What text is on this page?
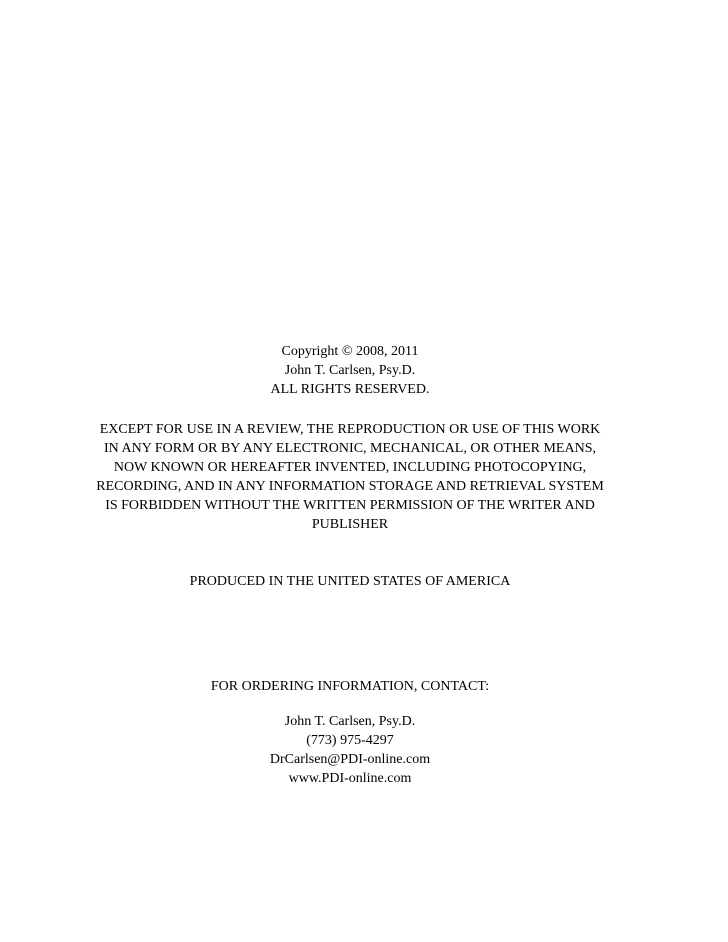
Copyright © 2008, 2011
John T. Carlsen, Psy.D.
ALL RIGHTS RESERVED.
EXCEPT FOR USE IN A REVIEW, THE REPRODUCTION OR USE OF THIS WORK
IN ANY FORM OR BY ANY ELECTRONIC, MECHANICAL, OR OTHER MEANS,
NOW KNOWN OR HEREAFTER INVENTED, INCLUDING PHOTOCOPYING,
RECORDING, AND IN ANY INFORMATION STORAGE AND RETRIEVAL SYSTEM
IS FORBIDDEN WITHOUT THE WRITTEN PERMISSION OF THE WRITER AND
PUBLISHER
PRODUCED IN THE UNITED STATES OF AMERICA
FOR ORDERING INFORMATION, CONTACT:
John T. Carlsen, Psy.D.
(773) 975-4297
DrCarlsen@PDI-online.com
www.PDI-online.com
